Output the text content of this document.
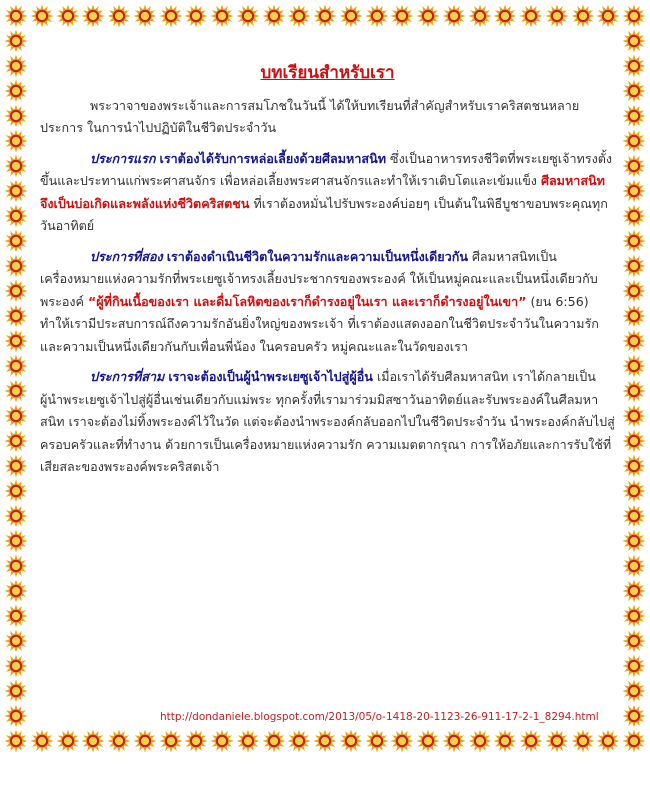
บทเรียนสำหรับเรา

พระวาจาของพระเจ้าและการสมโภชในวันนี้ ได้ให้บทเรียนที่สำคัญสำหรับเราคริสตชนหลายประการ ในการนำไปปฏิบัติในชีวิตประจำวัน

ประการแรก เราต้องได้รับการหล่อเลี้ยงด้วยศีลมหาสนิท ซึ่งเป็นอาหารทรงชีวิตที่พระเยซูเจ้าทรงตั้งขึ้นและประทานแก่พระศาสนจักร เพื่อหล่อเลี้ยงพระศาสนจักรและทำให้เราเติบโตและเข้มแข็ง ศีลมหาสนิทจึงเป็นบ่อเกิดและพลังแห่งชีวิตคริสตชน ที่เราต้องหมั่นไปรับพระองค์บ่อยๆ เป็นต้นในพิธีบูชาขอบพระคุณทุกวันอาทิตย์

ประการที่สอง เราต้องดำเนินชีวิตในความรักและความเป็นหนึ่งเดียวกัน ศีลมหาสนิทเป็นเครื่องหมายแห่งความรักที่พระเยซูเจ้าทรงเลี้ยงประชากรของพระองค์ ให้เป็นหมู่คณะและเป็นหนึ่งเดียวกับพระองค์ “ผู้ที่กินเนื้อของเรา และดื่มโลหิตของเราก็ดำรงอยู่ในเรา และเราก็ดำรงอยู่ในเขา” (ยน 6:56) ทำให้เรามีประสบการณ์ถึงความรักอันยิ่งใหญ่ของพระเจ้า ที่เราต้องแสดงออกในชีวิตประจำวันในความรักและความเป็นหนึ่งเดียวกันกับเพื่อนพี่น้อง ในครอบครัว หมู่คณะและในวัดของเรา

ประการที่สาม เราจะต้องเป็นผู้นำพระเยซูเจ้าไปสู่ผู้อื่น เมื่อเราได้รับศีลมหาสนิท เราได้กลายเป็นผู้นำพระเยซูเจ้าไปสู่ผู้อื่นเช่นเดียวกับแม่พระ ทุกครั้งที่เรามาร่วมมิสซาวันอาทิตย์และรับพระองค์ในศีลมหาสนิท เราจะต้องไม่ทิ้งพระองค์ไว้ในวัด แต่จะต้องนำพระองค์กลับออกไปในชีวิตประจำวัน นำพระองค์กลับไปสู่ครอบครัวและที่ทำงาน ด้วยการเป็นเครื่องหมายแห่งความรัก ความเมตตากรุณา การให้อภัยและการรับใช้ที่เสียสละของพระองค์พระคริสตเจ้า

http://dondaniele.blogspot.com/2013/05/o-1418-20-1123-26-911-17-2-1_8294.html
